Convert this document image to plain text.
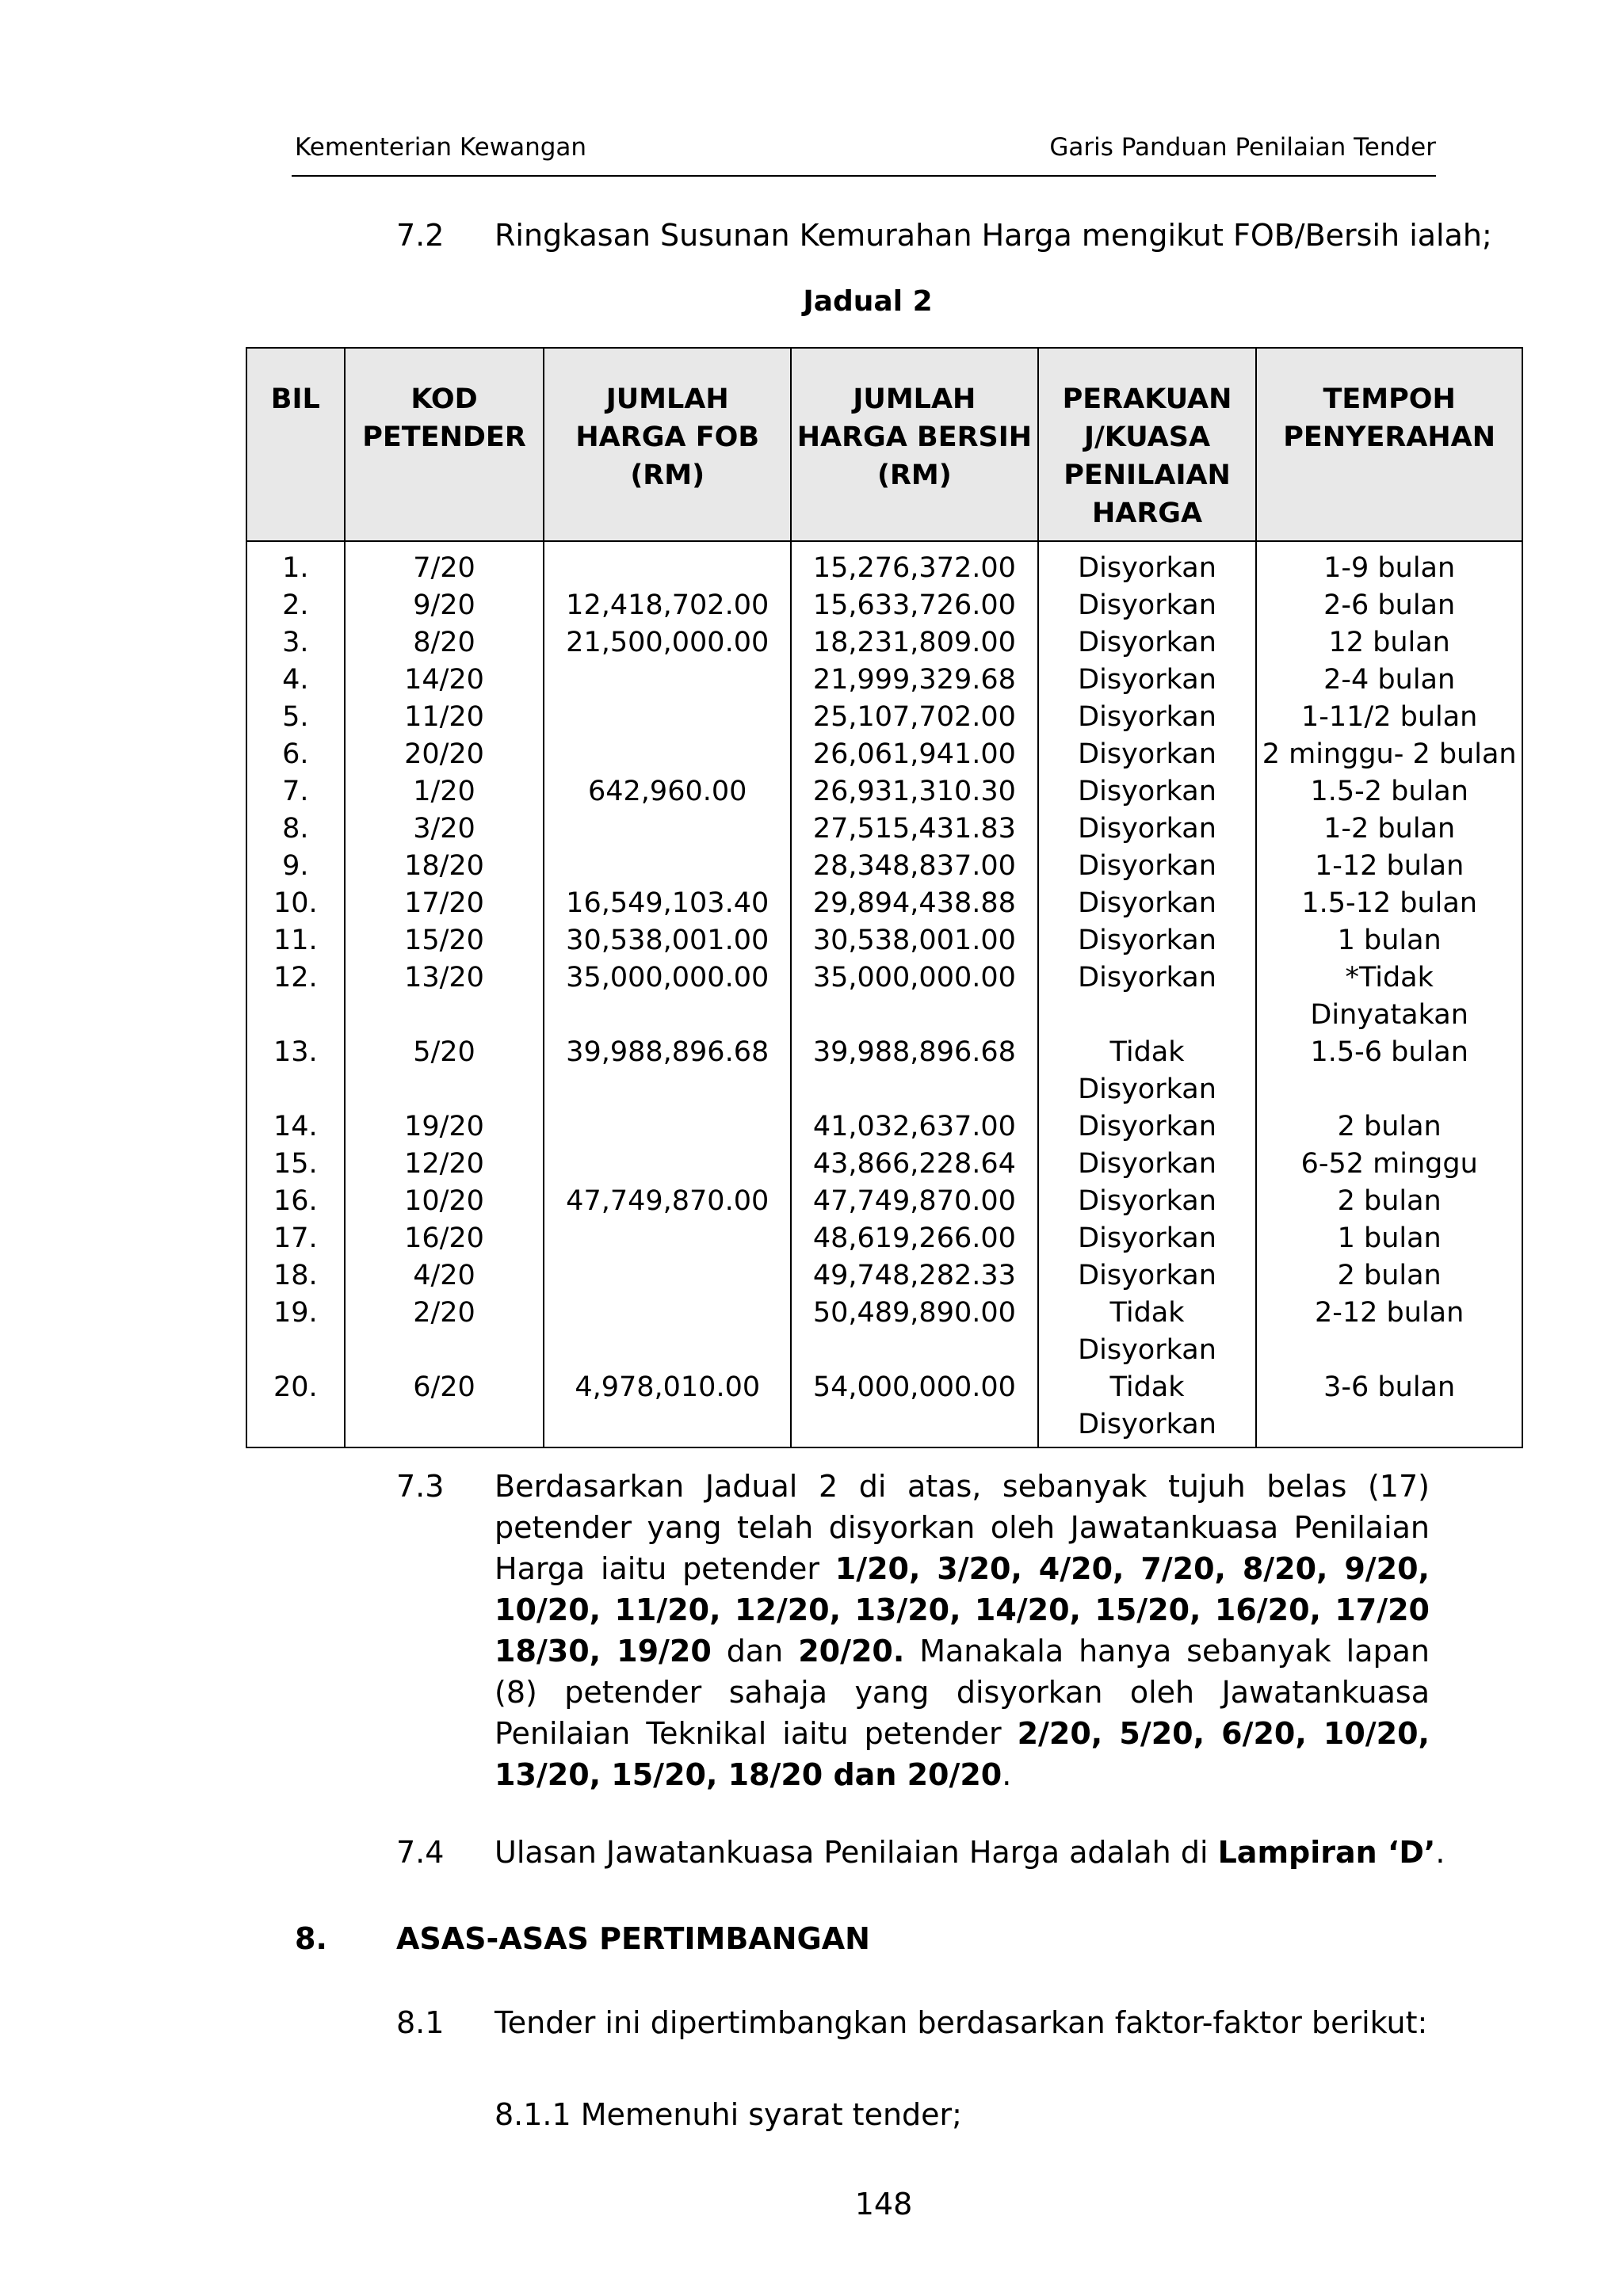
Kementerian Kewangan	Garis Panduan Penilaian Tender
7.2 Ringkasan Susunan Kemurahan Harga mengikut FOB/Bersih ialah;
Jadual 2
BIL	KOD PETENDER	JUMLAH HARGA FOB (RM)	JUMLAH HARGA BERSIH (RM)	PERAKUAN J/KUASA PENILAIAN HARGA	TEMPOH PENYERAHAN
1.	7/20		15,276,372.00	Disyorkan	1-9 bulan
2.	9/20	12,418,702.00	15,633,726.00	Disyorkan	2-6 bulan
3.	8/20	21,500,000.00	18,231,809.00	Disyorkan	12 bulan
4.	14/20		21,999,329.68	Disyorkan	2-4 bulan
5.	11/20		25,107,702.00	Disyorkan	1-11/2 bulan
6.	20/20		26,061,941.00	Disyorkan	2 minggu- 2 bulan
7.	1/20	642,960.00	26,931,310.30	Disyorkan	1.5-2 bulan
8.	3/20		27,515,431.83	Disyorkan	1-2 bulan
9.	18/20		28,348,837.00	Disyorkan	1-12 bulan
10.	17/20	16,549,103.40	29,894,438.88	Disyorkan	1.5-12 bulan
11.	15/20	30,538,001.00	30,538,001.00	Disyorkan	1 bulan
12.	13/20	35,000,000.00	35,000,000.00	Disyorkan	*Tidak Dinyatakan
13.	5/20	39,988,896.68	39,988,896.68	Tidak Disyorkan	1.5-6 bulan
14.	19/20		41,032,637.00	Disyorkan	2 bulan
15.	12/20		43,866,228.64	Disyorkan	6-52 minggu
16.	10/20	47,749,870.00	47,749,870.00	Disyorkan	2 bulan
17.	16/20		48,619,266.00	Disyorkan	1 bulan
18.	4/20		49,748,282.33	Disyorkan	2 bulan
19.	2/20		50,489,890.00	Tidak Disyorkan	2-12 bulan
20.	6/20	4,978,010.00	54,000,000.00	Tidak Disyorkan	3-6 bulan
7.3 Berdasarkan Jadual 2 di atas, sebanyak tujuh belas (17) petender yang telah disyorkan oleh Jawatankuasa Penilaian Harga iaitu petender 1/20, 3/20, 4/20, 7/20, 8/20, 9/20, 10/20, 11/20, 12/20, 13/20, 14/20, 15/20, 16/20, 17/20 18/30, 19/20 dan 20/20. Manakala hanya sebanyak lapan (8) petender sahaja yang disyorkan oleh Jawatankuasa Penilaian Teknikal iaitu petender 2/20, 5/20, 6/20, 10/20, 13/20, 15/20, 18/20 dan 20/20.
7.4 Ulasan Jawatankuasa Penilaian Harga adalah di Lampiran ‘D’.
8. ASAS-ASAS PERTIMBANGAN
8.1 Tender ini dipertimbangkan berdasarkan faktor-faktor berikut:
8.1.1 Memenuhi syarat tender;
148
